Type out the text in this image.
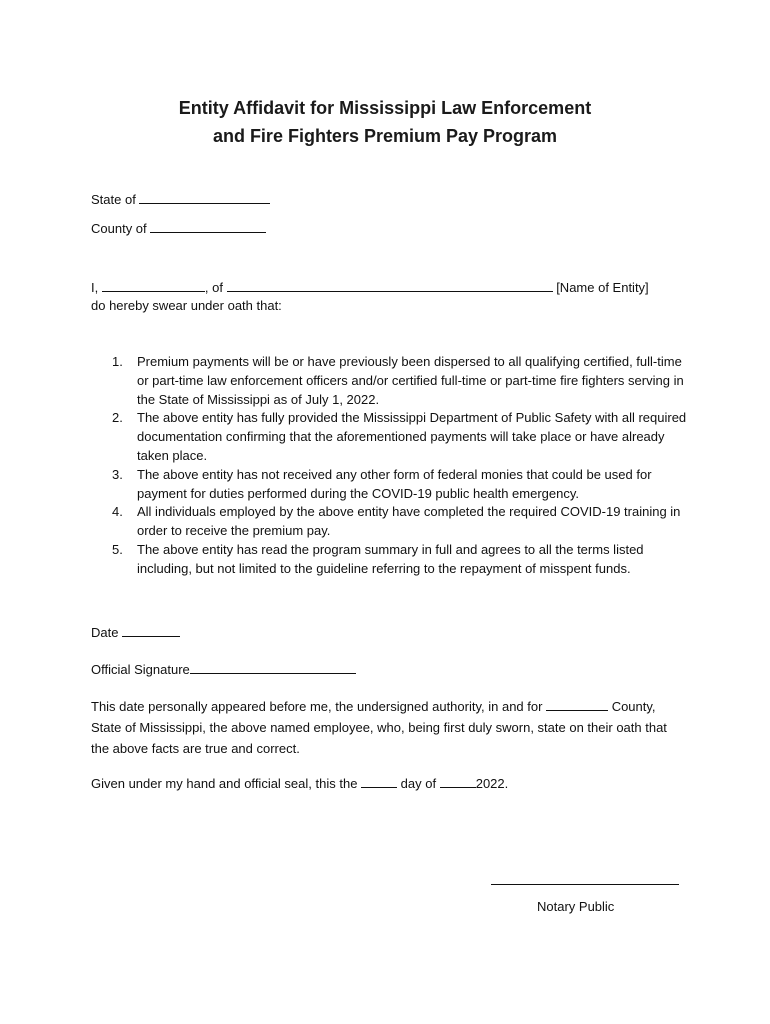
Entity Affidavit for Mississippi Law Enforcement
and Fire Fighters Premium Pay Program
State of
County of
I,	, of	[Name of Entity]
do hereby swear under oath that:
1. Premium payments will be or have previously been dispersed to all qualifying certified, full-time or part-time law enforcement officers and/or certified full-time or part-time fire fighters serving in the State of Mississippi as of July 1, 2022.
2. The above entity has fully provided the Mississippi Department of Public Safety with all required documentation confirming that the aforementioned payments will take place or have already taken place.
3. The above entity has not received any other form of federal monies that could be used for payment for duties performed during the COVID-19 public health emergency.
4. All individuals employed by the above entity have completed the required COVID-19 training in order to receive the premium pay.
5. The above entity has read the program summary in full and agrees to all the terms listed including, but not limited to the guideline referring to the repayment of misspent funds.
Date
Official Signature
This date personally appeared before me, the undersigned authority, in and for	County, State of Mississippi, the above named employee, who, being first duly sworn, state on their oath that the above facts are true and correct.
Given under my hand and official seal, this the	day of	2022.
Notary Public
